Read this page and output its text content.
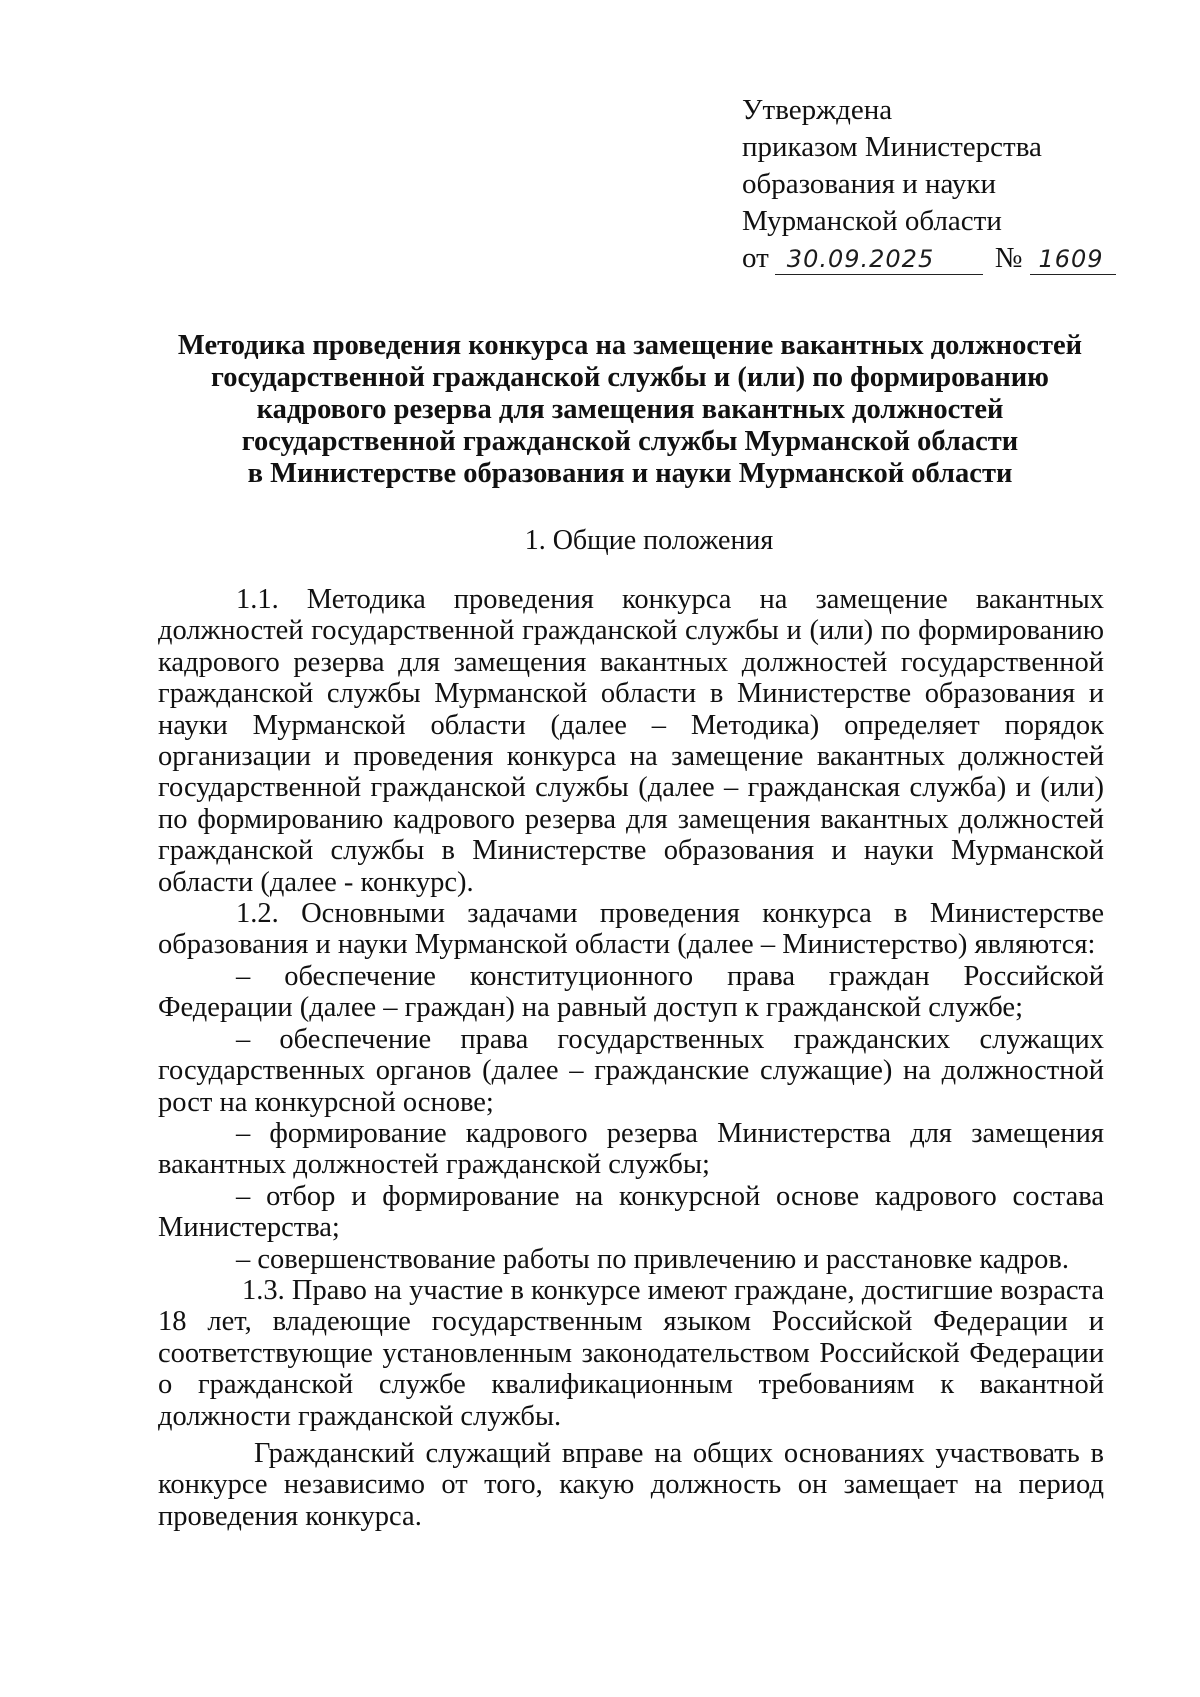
Утверждена
приказом Министерства
образования и науки
Мурманской области
от 30.09.2025 № 1609
Методика проведения конкурса на замещение вакантных должностей
государственной гражданской службы и (или) по формированию
кадрового резерва для замещения вакантных должностей
государственной гражданской службы Мурманской области
в Министерстве образования и науки Мурманской области
1. Общие положения

1.1. Методика проведения конкурса на замещение вакантных должностей государственной гражданской службы и (или) по формированию кадрового резерва для замещения вакантных должностей государственной гражданской службы Мурманской области в Министерстве образования и науки Мурманской области (далее – Методика) определяет порядок организации и проведения конкурса на замещение вакантных должностей государственной гражданской службы (далее – гражданская служба) и (или) по формированию кадрового резерва для замещения вакантных должностей гражданской службы в Министерстве образования и науки Мурманской области (далее - конкурс).

1.2. Основными задачами проведения конкурса в Министерстве образования и науки Мурманской области (далее – Министерство) являются:

– обеспечение конституционного права граждан Российской Федерации (далее – граждан) на равный доступ к гражданской службе;

– обеспечение права государственных гражданских служащих государственных органов (далее – гражданские служащие) на должностной рост на конкурсной основе;

– формирование кадрового резерва Министерства для замещения вакантных должностей гражданской службы;

– отбор и формирование на конкурсной основе кадрового состава Министерства;

– совершенствование работы по привлечению и расстановке кадров.

1.3. Право на участие в конкурсе имеют граждане, достигшие возраста 18 лет, владеющие государственным языком Российской Федерации и соответствующие установленным законодательством Российской Федерации о гражданской службе квалификационным требованиям к вакантной должности гражданской службы.

Гражданский служащий вправе на общих основаниях участвовать в конкурсе независимо от того, какую должность он замещает на период проведения конкурса.
